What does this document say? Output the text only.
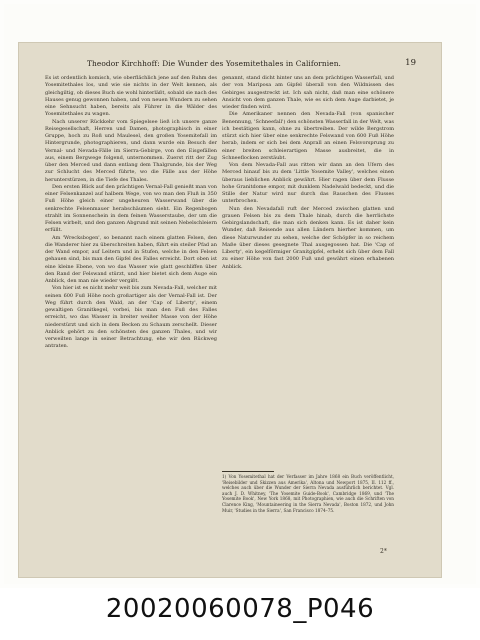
Theodor Kirchhoff: Die Wunder des Yosemitethales in Californien.	19

Es ist ordentlich komisch, wie oberflächlich jene auf den Ruhm des Yosemitethales los, und wie sie nichts in der Welt kennen, als gleichgiltig, ob dieses Buch sie wohl hinterläßt, sobald sie nach des Hauses genug gewonnen haben, und von neuen Wundern zu sehen eine Sehnsucht haben, bereits als Führer in die Wälder des Yosemitethales zu wagen.

Nach unserer Rückkehr vom Spiegelsee ließ ich unsere ganze Reisegesellschaft, Herren und Damen, photographisch in einer Gruppe, hoch zu Roß und Maulesel, den großen Yosemitefall im Hintergrunde, photographieren, und dann wurde ein Besuch der Vernal- und Nevada-Fälle im Sierra-Gebirge, von den Eisgefällen aus, einem Bergwege folgend, unternommen. Zuerst ritt der Zug über den Merced und dann entlang dem Thalgrunde, bis der Weg zur Schlucht des Merced führte, wo die Fälle aus der Höhe herunterstürzen, in die Tiefe des Thales.

Den ersten Blick auf den prächtigen Vernal-Fall genießt man von einer Felsenkanzel auf halbem Wege, von wo man den Fluß in 350 Fuß Höhe gleich einer ungeheuren Wasserwand über die senkrechte Felsenmauer herabschäumen sieht. Ein Regenbogen strahlt im Sonnenschein in dem feinen Wasserstaube, der um die Felsen wirbelt, und den ganzen Abgrund mit seinen Nebelschleiern erfüllt.

Am 'Wrecksbogen', so benannt nach einem glatten Felsen, den die Wanderer hier zu überschreiten haben, führt ein steiler Pfad an der Wand empor, auf Leitern und in Stufen, welche in den Felsen gehauen sind, bis man den Gipfel des Falles erreicht. Dort oben ist eine kleine Ebene, von wo das Wasser wie glatt geschliffen über den Rand der Felswand stürzt, und hier bietet sich dem Auge ein Anblick, den man nie wieder vergißt.

Von hier ist es nicht mehr weit bis zum Nevada-Fall, welcher mit seinen 600 Fuß Höhe noch großartiger als der Vernal-Fall ist. Der Weg führt durch den Wald, an der 'Cap of Liberty', einem gewaltigen Granitkegel, vorbei, bis man den Fuß des Falles erreicht, wo das Wasser in breiter weißer Masse von der Höhe niederstürzt und sich in dem Becken zu Schaum zerschellt. Dieser Anblick gehört zu den schönsten des ganzen Thales, und wir verweilten lange in seiner Betrachtung, ehe wir den Rückweg antraten.

genannt, stand dicht hinter uns an dem prächtigen Wasserfall, und der von Mariposa am Gipfel überall von den Wildnissen des Gebirges ausgestreckt ist. Ich sah nicht, daß man eine schönere Ansicht von dem ganzen Thale, wie es sich dem Auge darbietet, je wieder finden wird.

Die Amerikaner nennen den Nevada-Fall (von spanischer Benennung, 'Schneefall') den schönsten Wasserfall in der Welt, was ich bestätigen kann, ohne zu übertreiben. Der wilde Bergstrom stürzt sich hier über eine senkrechte Felswand von 600 Fuß Höhe herab, indem er sich bei dem Anprall an einen Felsvorsprung zu einer breiten schleierartigen Masse ausbreitet, die in Schneeflocken zerstäubt.

Von dem Nevada-Fall aus ritten wir dann an den Ufern des Merced hinauf bis zu dem 'Little Yosemite Valley', welches einen überaus lieblichen Anblick gewährt. Hier ragen über dem Flusse hohe Granitdome empor, mit dunklem Nadelwald bedeckt, und die Stille der Natur wird nur durch das Rauschen des Flusses unterbrochen.

Nun den Nevadafall ruft der Merced zwischen glatten und grauen Felsen bis zu dem Thale hinab, durch die herrlichste Gebirgslandschaft, die man sich denken kann. Es ist daher kein Wunder, daß Reisende aus allen Ländern hierher kommen, um diese Naturwunder zu sehen, welche der Schöpfer in so reichem Maße über dieses gesegnete Thal ausgegossen hat. Die 'Cap of Liberty', ein kegelförmiger Granitgipfel, erhebt sich über dem Fall zu einer Höhe von fast 2000 Fuß und gewährt einen erhabenen Anblick.

1) Von Yosemitethal hat der Verfasser im Jahre 1868 ein Buch veröffentlicht, 'Reisebilder und Skizzen aus Amerika', Altona und Newport 1875, II. 112 ff., welches auch über die Wunder der Sierra Nevada ausführlich berichtet. Vgl. auch J. D. Whitney, 'The Yosemite Guide-Book', Cambridge 1869, und 'The Yosemite Book', New York 1868, mit Photographien, wie auch die Schriften von Clarence King, 'Mountaineering in the Sierra Nevada', Boston 1872, und John Muir, 'Studies in the Sierra', San Francisco 1874–75.

2*
20020060078_P046
